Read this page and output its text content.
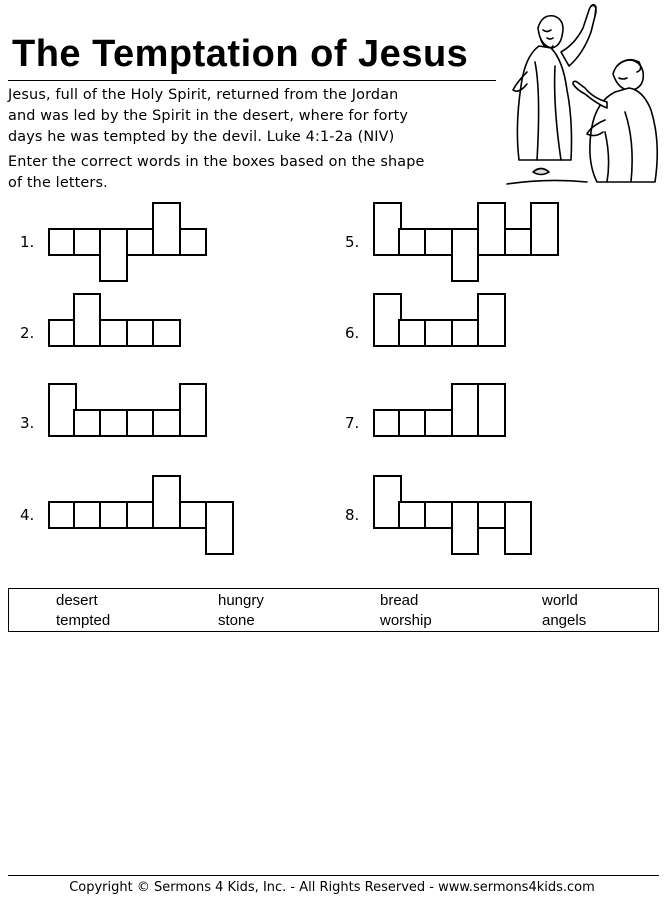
The Temptation of Jesus
Jesus, full of the Holy Spirit, returned from the Jordan
and was led by the Spirit in the desert, where for forty
days he was tempted by the devil. Luke 4:1-2a (NIV)
Enter the correct words in the boxes based on the shape
of the letters.
1.
2.
3.
4.
5.
6.
7.
8.
desert	hungry	bread	world
tempted	stone	worship	angels
Copyright © Sermons 4 Kids, Inc. - All Rights Reserved - www.sermons4kids.com
